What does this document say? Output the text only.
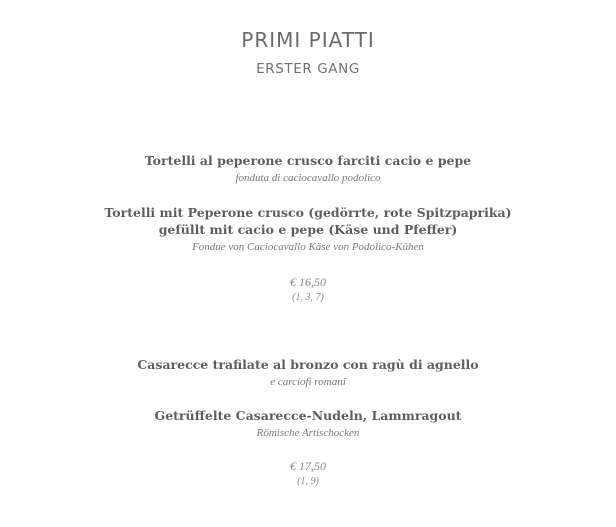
PRIMI PIATTI
ERSTER GANG
Tortelli al peperone crusco farciti cacio e pepe
fonduta di caciocavallo podolico
Tortelli mit Peperone crusco (gedörrte, rote Spitzpaprika)
gefüllt mit cacio e pepe (Käse und Pfeffer)
Fondue von Caciocavallo Käse von Podolico-Kühen
€ 16,50
(1, 3, 7)
Casarecce trafilate al bronzo con ragù di agnello
e carciofi romani
Getrüffelte Casarecce-Nudeln, Lammragout
Römische Artischocken
€ 17,50
(1, 9)
